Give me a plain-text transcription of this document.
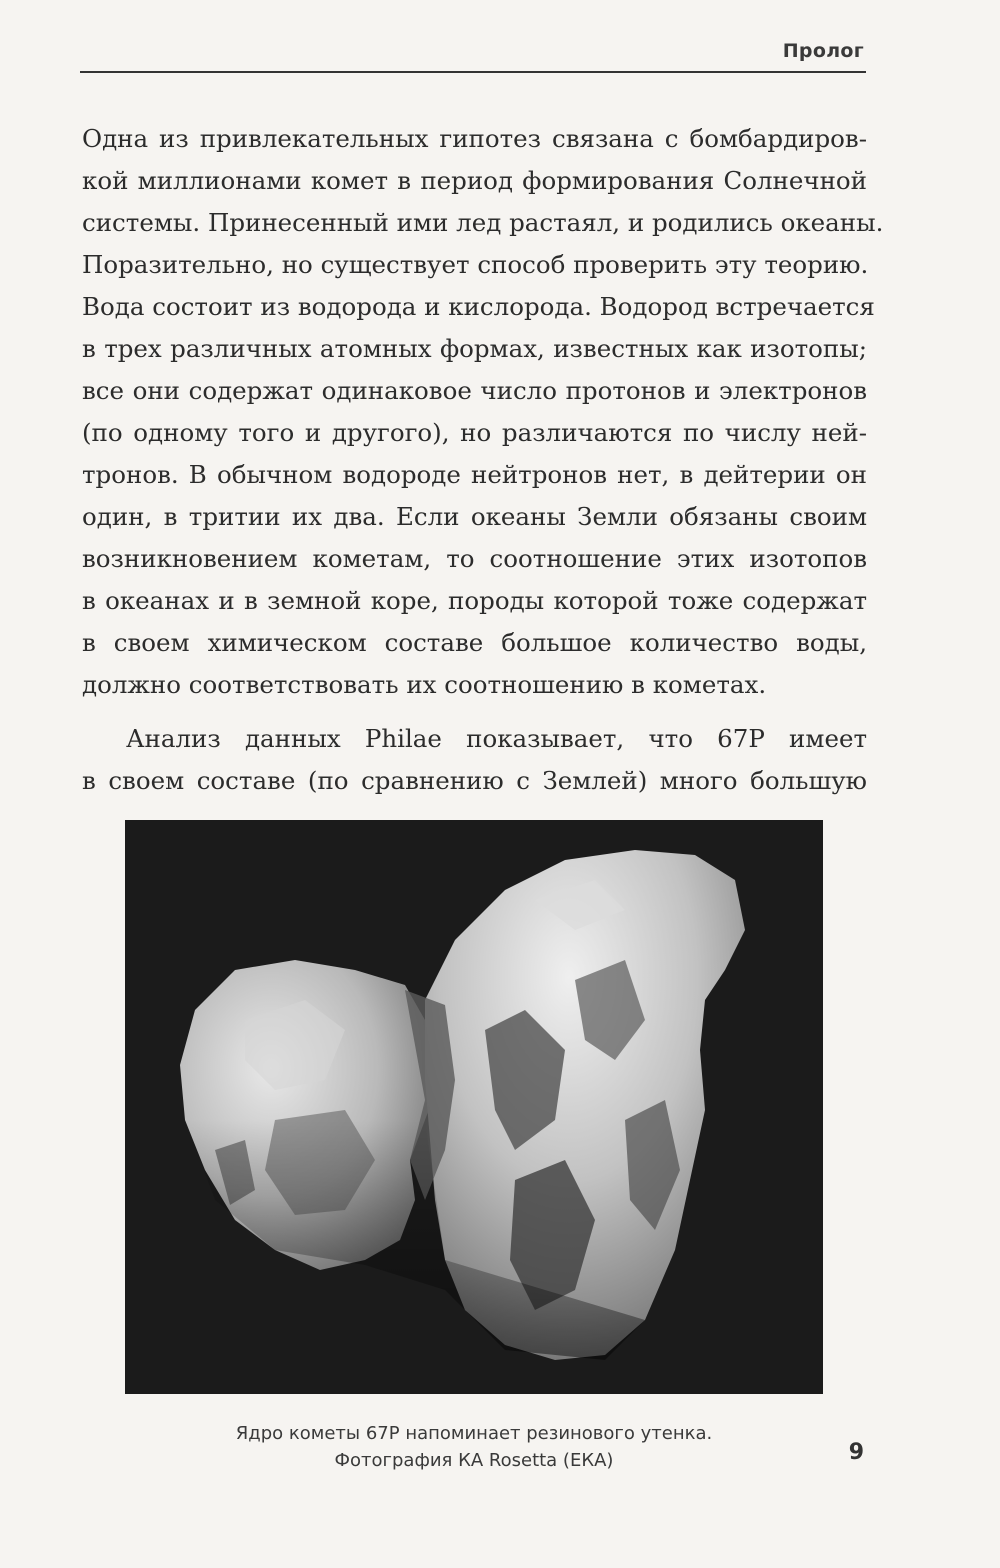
Пролог
Одна из привлекательных гипотез связана с бомбардиров-
кой миллионами комет в период формирования Солнечной
системы. Принесенный ими лед растаял, и родились океаны.
Поразительно, но существует способ проверить эту теорию.
Вода состоит из водорода и кислорода. Водород встречается
в трех различных атомных формах, известных как изотопы;
все они содержат одинаковое число протонов и электронов
(по одному того и другого), но различаются по числу ней-
тронов. В обычном водороде нейтронов нет, в дейтерии он
один, в тритии их два. Если океаны Земли обязаны своим
возникновением кометам, то соотношение этих изотопов
в океанах и в земной коре, породы которой тоже содержат
в своем химическом составе большое количество воды,
должно соответствовать их соотношению в кометах.
Анализ данных Philae показывает, что 67P имеет
в своем составе (по сравнению с Землей) много большую
Ядро кометы 67P напоминает резинового утенка.
Фотография КА Rosetta (ЕКА)	9
